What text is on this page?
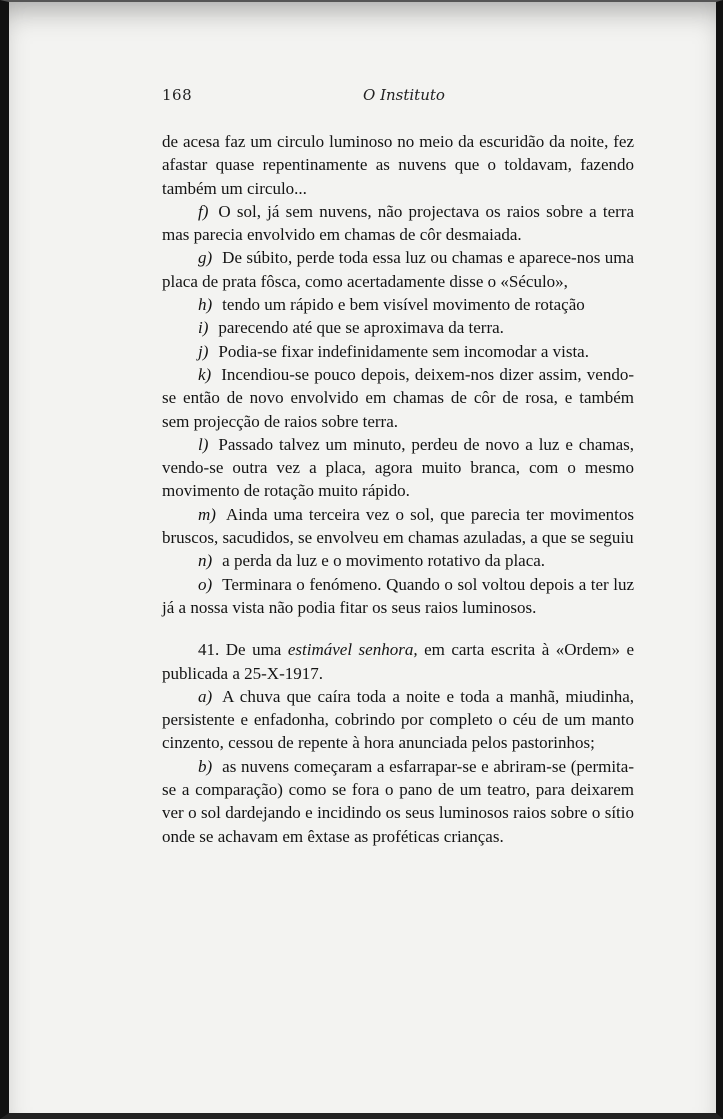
168	O Instituto

de acesa faz um circulo luminoso no meio da escuridão da noite, fez afastar quase repentinamente as nuvens que o toldavam, fazendo também um circulo...

f) O sol, já sem nuvens, não projectava os raios sobre a terra mas parecia envolvido em chamas de côr desmaiada.

g) De súbito, perde toda essa luz ou chamas e aparece-nos uma placa de prata fôsca, como acertadamente disse o «Século»,

h) tendo um rápido e bem visível movimento de rotação

i) parecendo até que se aproximava da terra.

j) Podia-se fixar indefinidamente sem incomodar a vista.

k) Incendiou-se pouco depois, deixem-nos dizer assim, vendo-se então de novo envolvido em chamas de côr de rosa, e também sem projecção de raios sobre terra.

l) Passado talvez um minuto, perdeu de novo a luz e chamas, vendo-se outra vez a placa, agora muito branca, com o mesmo movimento de rotação muito rápido.

m) Ainda uma terceira vez o sol, que parecia ter movimentos bruscos, sacudidos, se envolveu em chamas azuladas, a que se seguiu

n) a perda da luz e o movimento rotativo da placa.

o) Terminara o fenómeno. Quando o sol voltou depois a ter luz já a nossa vista não podia fitar os seus raios luminosos.

41. De uma estimável senhora, em carta escrita à «Ordem» e publicada a 25-X-1917.

a) A chuva que caíra toda a noite e toda a manhã, miudinha, persistente e enfadonha, cobrindo por completo o céu de um manto cinzento, cessou de repente à hora anunciada pelos pastorinhos;

b) as nuvens começaram a esfarrapar-se e abriram-se (permita-se a comparação) como se fora o pano de um teatro, para deixarem ver o sol dardejando e incidindo os seus luminosos raios sobre o sítio onde se achavam em êxtase as proféticas crianças.
